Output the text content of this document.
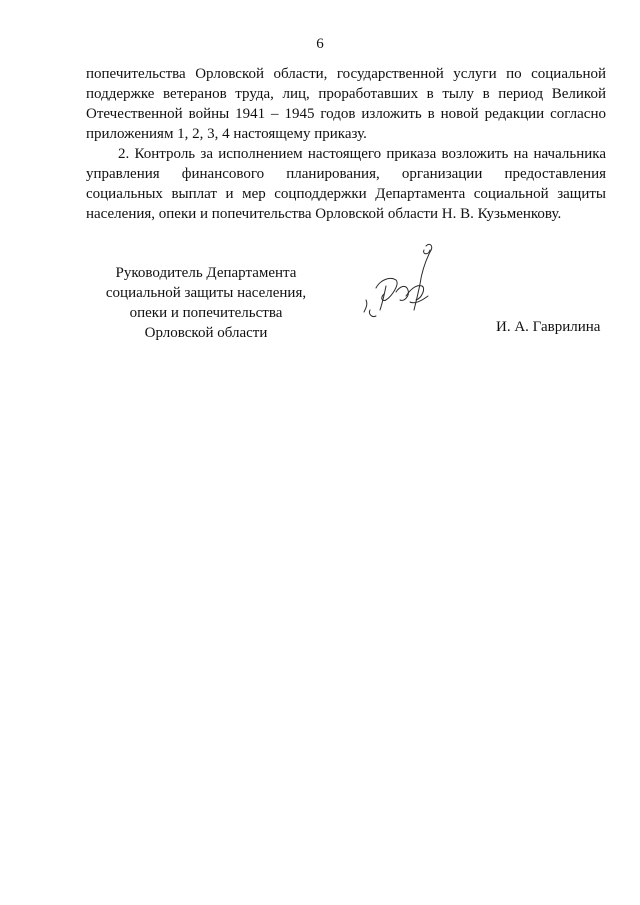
6

попечительства Орловской области, государственной услуги по социальной поддержке ветеранов труда, лиц, проработавших в тылу в период Великой Отечественной войны 1941 – 1945 годов изложить в новой редакции согласно приложениям 1, 2, 3, 4 настоящему приказу.

2. Контроль за исполнением настоящего приказа возложить на начальника управления финансового планирования, организации предоставления социальных выплат и мер соцподдержки Департамента социальной защиты населения, опеки и попечительства Орловской области Н. В. Кузьменкову.

Руководитель Департамента
социальной защиты населения,
опеки и попечительства
Орловской области	И. А. Гаврилина
